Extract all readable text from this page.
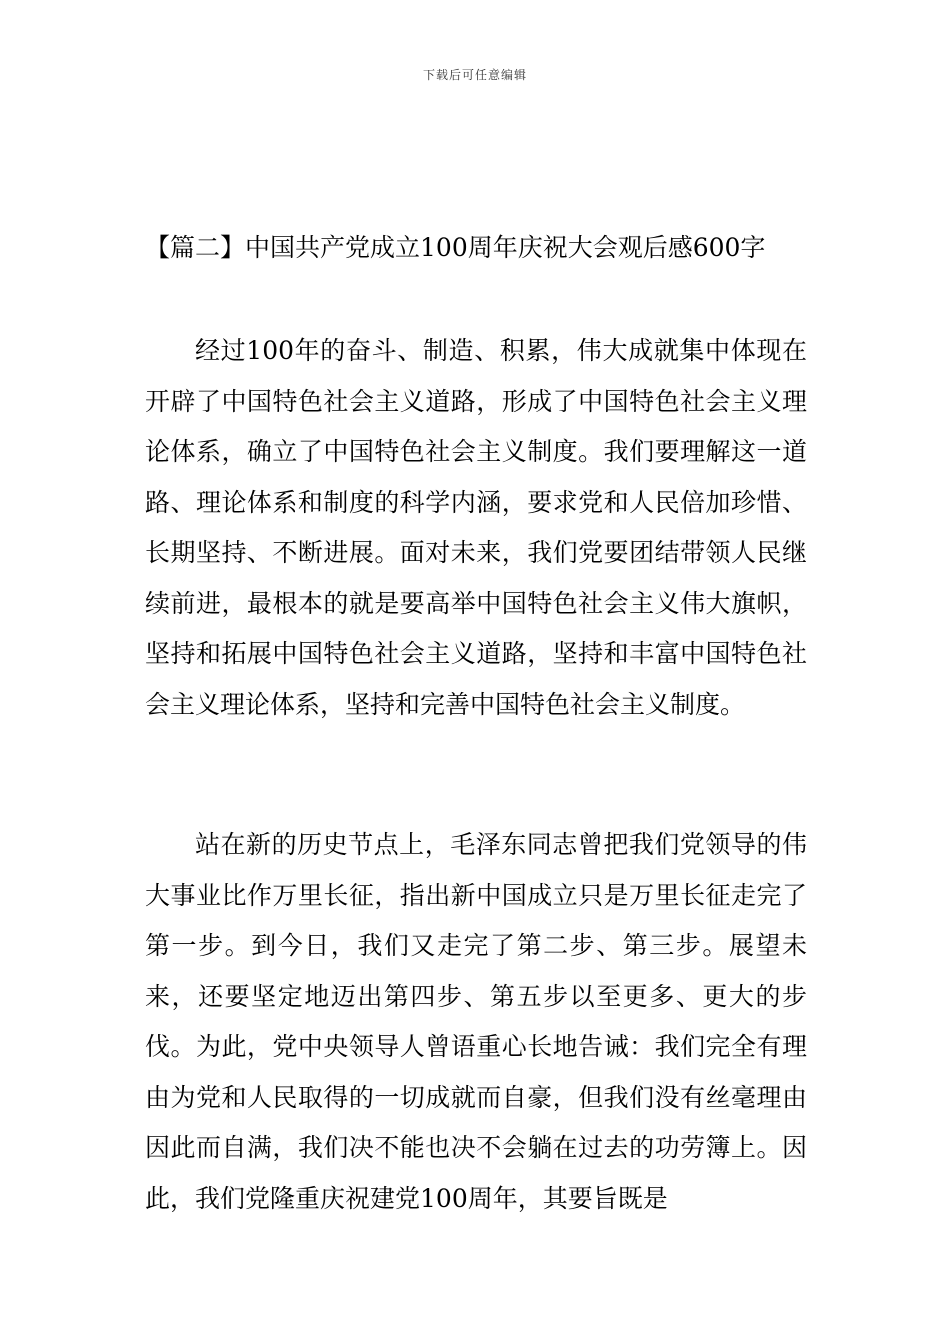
下载后可任意编辑
【篇二】中国共产党成立100周年庆祝大会观后感600字

经过100年的奋斗、制造、积累，伟大成就集中体现在开辟了中国特色社会主义道路，形成了中国特色社会主义理论体系，确立了中国特色社会主义制度。我们要理解这一道路、理论体系和制度的科学内涵，要求党和人民倍加珍惜、长期坚持、不断进展。面对未来，我们党要团结带领人民继续前进，最根本的就是要高举中国特色社会主义伟大旗帜，坚持和拓展中国特色社会主义道路，坚持和丰富中国特色社会主义理论体系，坚持和完善中国特色社会主义制度。

站在新的历史节点上，毛泽东同志曾把我们党领导的伟大事业比作万里长征，指出新中国成立只是万里长征走完了第一步。到今日，我们又走完了第二步、第三步。展望未来，还要坚定地迈出第四步、第五步以至更多、更大的步伐。为此，党中央领导人曾语重心长地告诫：我们完全有理由为党和人民取得的一切成就而自豪，但我们没有丝毫理由因此而自满，我们决不能也决不会躺在过去的功劳簿上。因此，我们党隆重庆祝建党100周年，其要旨既是
